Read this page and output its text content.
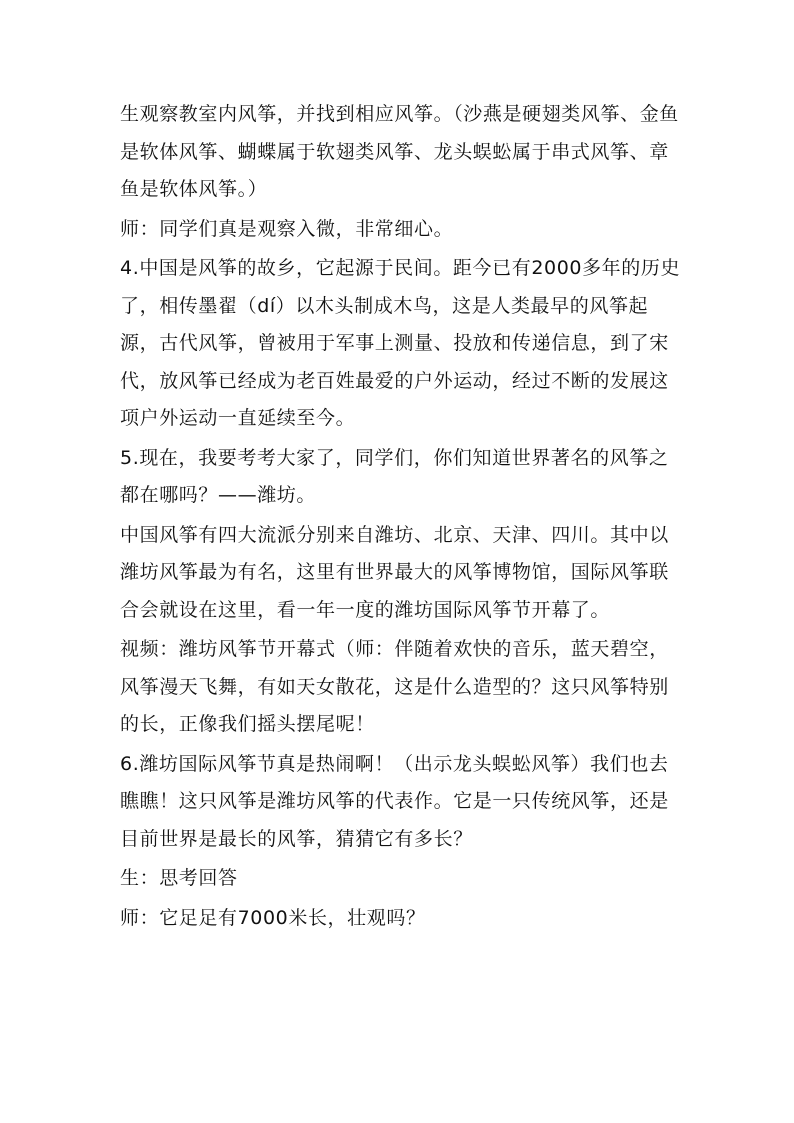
生观察教室内风筝，并找到相应风筝。（沙燕是硬翅类风筝、金鱼是软体风筝、蝴蝶属于软翅类风筝、龙头蜈蚣属于串式风筝、章鱼是软体风筝。）

师：同学们真是观察入微，非常细心。

4.中国是风筝的故乡，它起源于民间。距今已有2000多年的历史了，相传墨翟（dí）以木头制成木鸟，这是人类最早的风筝起源，古代风筝，曾被用于军事上测量、投放和传递信息，到了宋代，放风筝已经成为老百姓最爱的户外运动，经过不断的发展这项户外运动一直延续至今。

5.现在，我要考考大家了，同学们，你们知道世界著名的风筝之都在哪吗？——潍坊。

中国风筝有四大流派分别来自潍坊、北京、天津、四川。其中以潍坊风筝最为有名，这里有世界最大的风筝博物馆，国际风筝联合会就设在这里，看一年一度的潍坊国际风筝节开幕了。

视频：潍坊风筝节开幕式（师：伴随着欢快的音乐，蓝天碧空，风筝漫天飞舞，有如天女散花，这是什么造型的？这只风筝特别的长，正像我们摇头摆尾呢！

6.潍坊国际风筝节真是热闹啊！（出示龙头蜈蚣风筝）我们也去瞧瞧！这只风筝是潍坊风筝的代表作。它是一只传统风筝，还是目前世界是最长的风筝，猜猜它有多长？

生：思考回答

师：它足足有7000米长，壮观吗？
